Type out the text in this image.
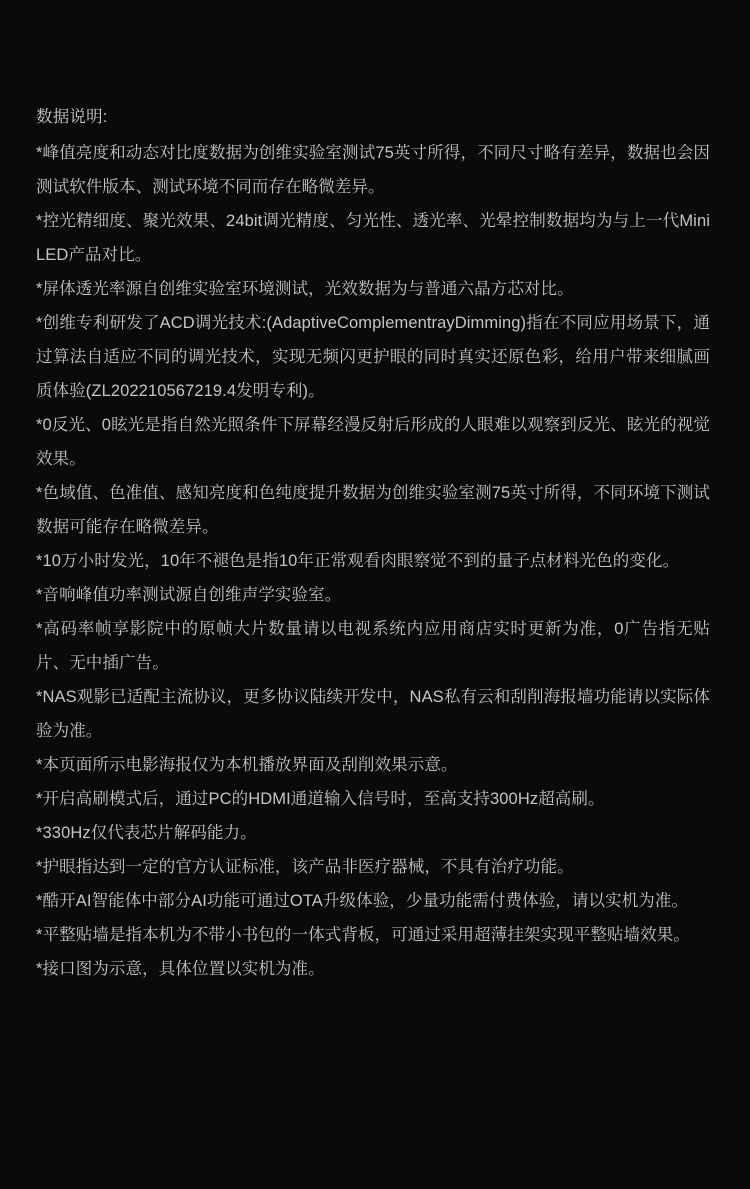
数据说明:

*峰值亮度和动态对比度数据为创维实验室测试75英寸所得，不同尺寸略有差异，数据也会因测试软件版本、测试环境不同而存在略微差异。

*控光精细度、聚光效果、24bit调光精度、匀光性、透光率、光晕控制数据均为与上一代Mini LED产品对比。

*屏体透光率源自创维实验室环境测试，光效数据为与普通六晶方芯对比。

*创维专利研发了ACD调光技术:(AdaptiveComplementrayDimming)指在不同应用场景下，通过算法自适应不同的调光技术，实现无频闪更护眼的同时真实还原色彩，给用户带来细腻画质体验(ZL202210567219.4发明专利)。

*0反光、0眩光是指自然光照条件下屏幕经漫反射后形成的人眼难以观察到反光、眩光的视觉效果。

*色域值、色准值、感知亮度和色纯度提升数据为创维实验室测75英寸所得，不同环境下测试数据可能存在略微差异。

*10万小时发光，10年不褪色是指10年正常观看肉眼察觉不到的量子点材料光色的变化。

*音响峰值功率测试源自创维声学实验室。

*高码率帧享影院中的原帧大片数量请以电视系统内应用商店实时更新为准，0广告指无贴片、无中插广告。

*NAS观影已适配主流协议，更多协议陆续开发中，NAS私有云和刮削海报墙功能请以实际体验为准。

*本页面所示电影海报仅为本机播放界面及刮削效果示意。

*开启高刷模式后，通过PC的HDMI通道输入信号时，至高支持300Hz超高刷。

*330Hz仅代表芯片解码能力。

*护眼指达到一定的官方认证标准，该产品非医疗器械，不具有治疗功能。

*酷开AI智能体中部分AI功能可通过OTA升级体验，少量功能需付费体验，请以实机为准。

*平整贴墙是指本机为不带小书包的一体式背板，可通过采用超薄挂架实现平整贴墙效果。

*接口图为示意，具体位置以实机为准。
